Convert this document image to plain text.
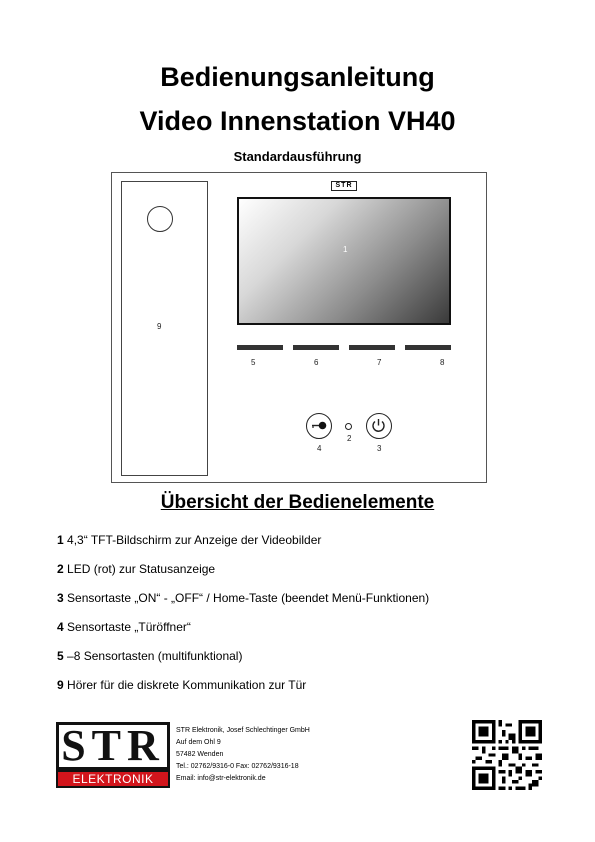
Bedienungsanleitung
Video Innenstation VH40
Standardausführung
9
STR
1
5	6	7	8
4
2
3
Übersicht der Bedienelemente
1 4,3“ TFT-Bildschirm zur Anzeige der Videobilder
2 LED (rot) zur Statusanzeige
3 Sensortaste „ON“ - „OFF“ / Home-Taste (beendet Menü-Funktionen)
4 Sensortaste „Türöffner“
5 –8 Sensortasten (multifunktional)
9 Hörer für die diskrete Kommunikation zur Tür
STR
ELEKTRONIK
STR Elektronik, Josef Schlechtinger GmbH
Auf dem Ohl 9
57482 Wenden
Tel.: 02762/9316-0 Fax: 02762/9316-18
Email: info@str-elektronik.de
